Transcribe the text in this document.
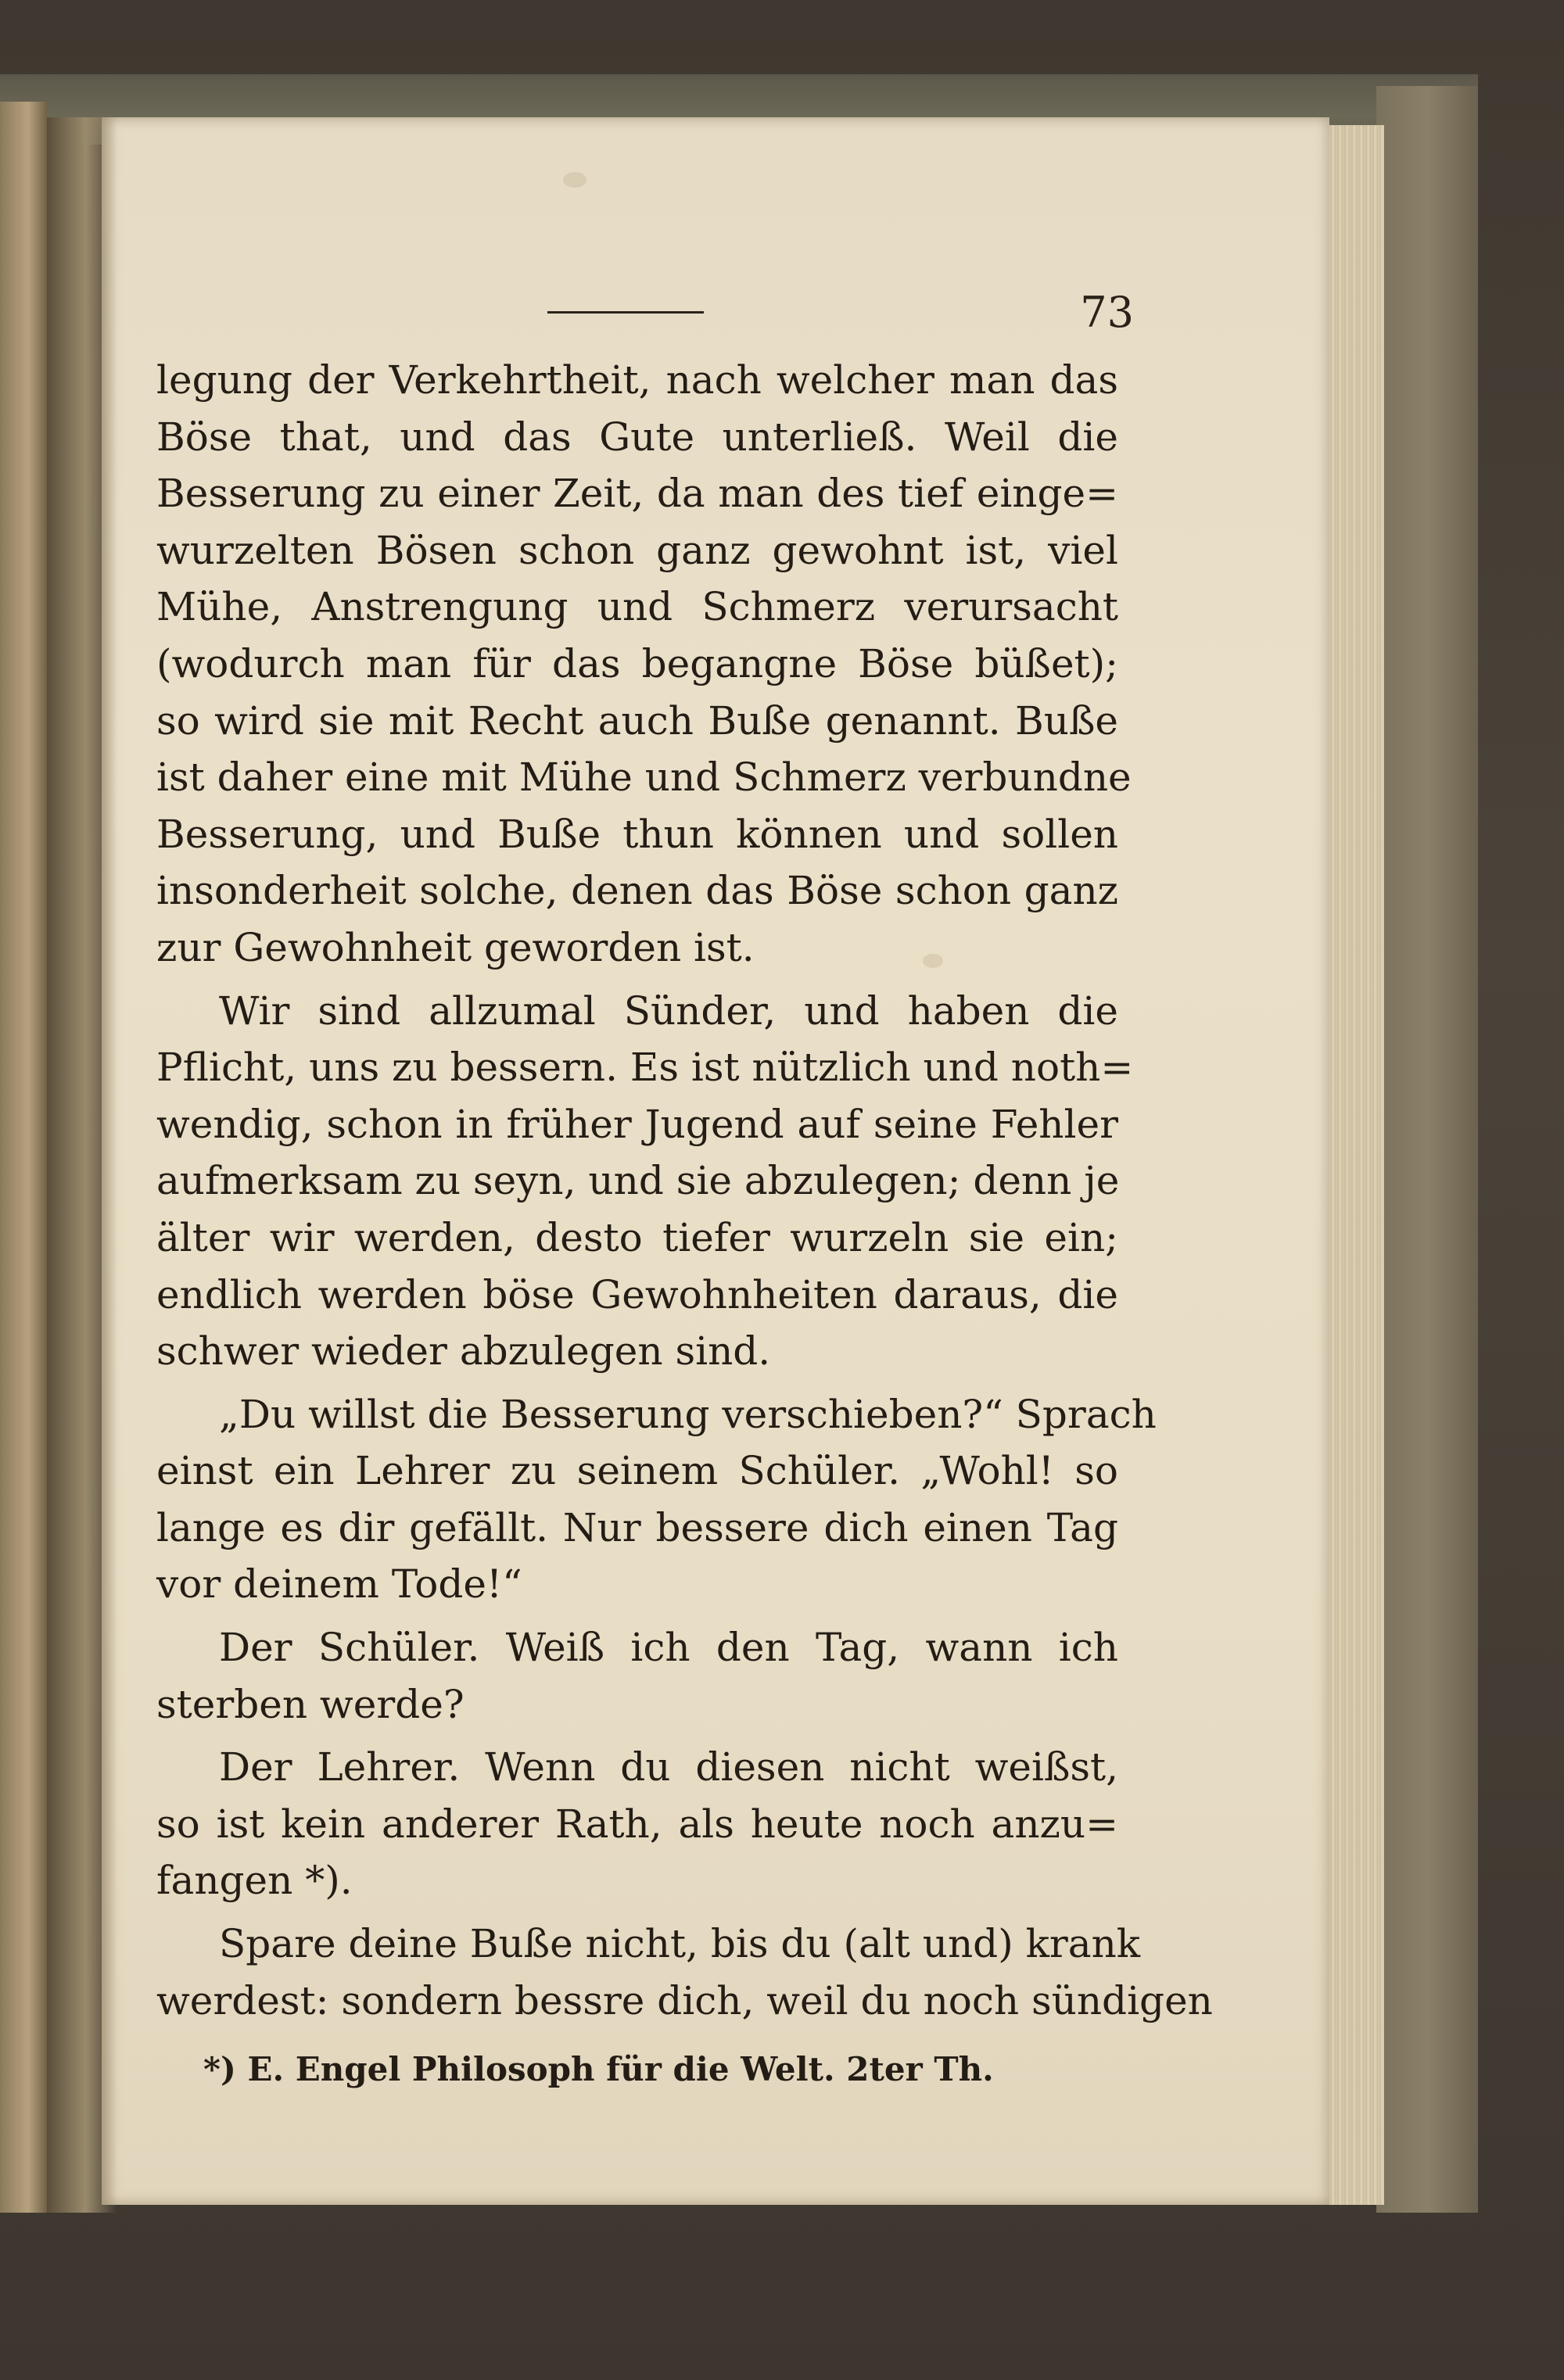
73
legung der Verkehrtheit, nach welcher man das
Böse that, und das Gute unterließ. Weil die
Besserung zu einer Zeit, da man des tief einge=
wurzelten Bösen schon ganz gewohnt ist, viel
Mühe, Anstrengung und Schmerz verursacht
(wodurch man für das begangne Böse büßet);
so wird sie mit Recht auch Buße genannt. Buße
ist daher eine mit Mühe und Schmerz verbundne
Besserung, und Buße thun können und sollen
insonderheit solche, denen das Böse schon ganz
zur Gewohnheit geworden ist.
Wir sind allzumal Sünder, und haben die
Pflicht, uns zu bessern. Es ist nützlich und noth=
wendig, schon in früher Jugend auf seine Fehler
aufmerksam zu seyn, und sie abzulegen; denn je
älter wir werden, desto tiefer wurzeln sie ein;
endlich werden böse Gewohnheiten daraus, die
schwer wieder abzulegen sind.
„Du willst die Besserung verschieben?“ Sprach
einst ein Lehrer zu seinem Schüler. „Wohl! so
lange es dir gefällt. Nur bessere dich einen Tag
vor deinem Tode!“
Der Schüler. Weiß ich den Tag, wann ich
sterben werde?
Der Lehrer. Wenn du diesen nicht weißst,
so ist kein anderer Rath, als heute noch anzu=
fangen *).
Spare deine Buße nicht, bis du (alt und) krank
werdest: sondern bessre dich, weil du noch sündigen
*) E. Engel Philosoph für die Welt. 2ter Th.
